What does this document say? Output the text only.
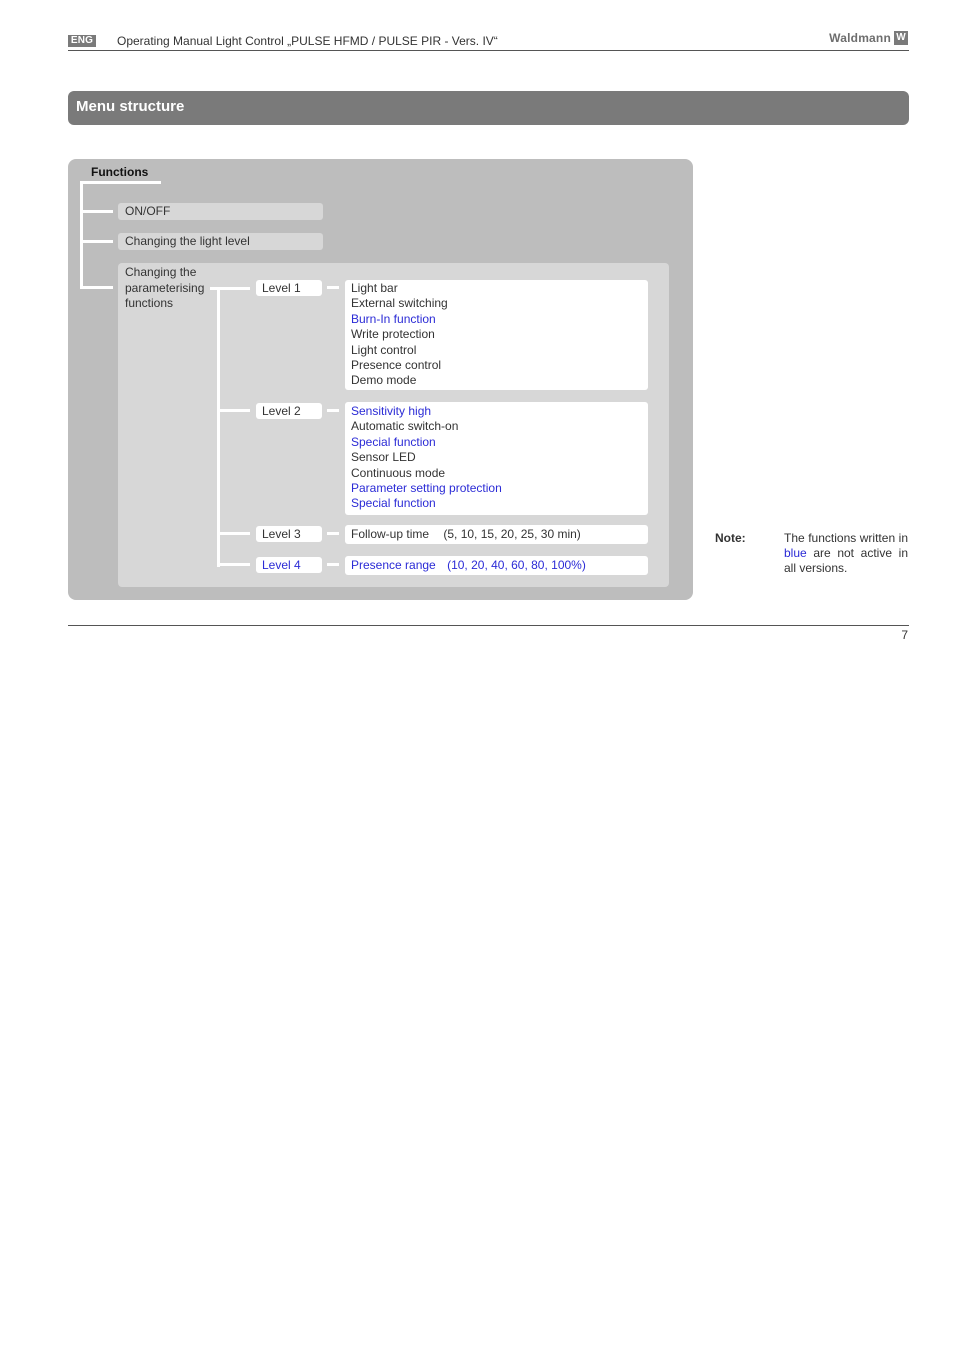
ENG Operating Manual Light Control „PULSE HFMD / PULSE PIR - Vers. IV“	Waldmann W
Menu structure
Functions
ON/OFF
Changing the light level
Changing the
parameterising
functions
Level 1
Level 2
Level 3
Level 4
Light bar
External switching
Burn-In function
Write protection
Light control
Presence control
Demo mode
Sensitivity high
Automatic switch-on
Special function
Sensor LED
Continuous mode
Parameter setting protection
Special function
Follow-up time (5, 10, 15, 20, 25, 30 min)
Presence range (10, 20, 40, 60, 80, 100%)
Note:	The functions written in blue are not active in all versions.
7
